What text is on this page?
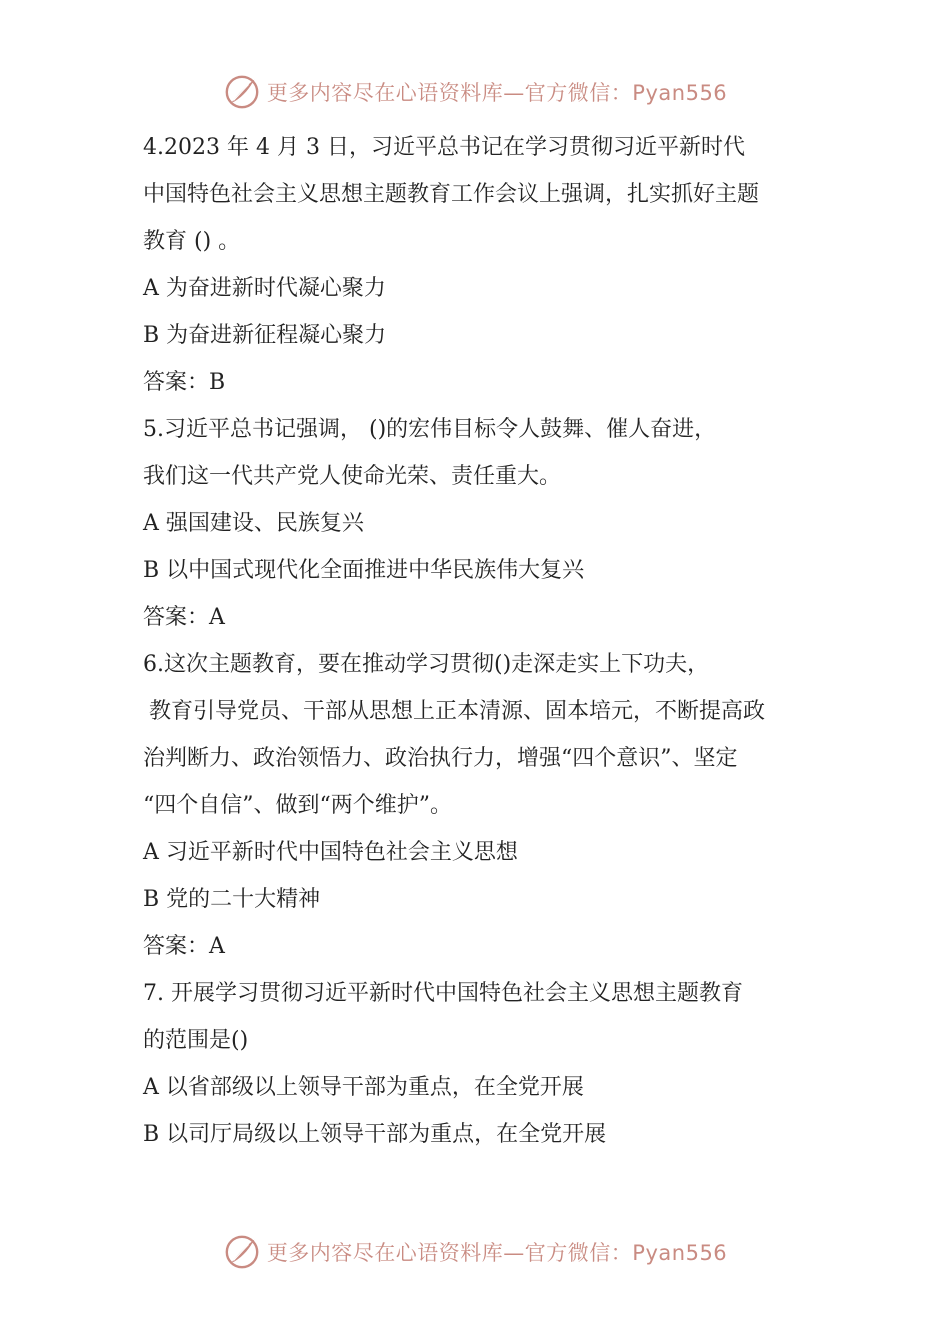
更多内容尽在心语资料库—官方微信：Pyan556
4.2023 年 4 月 3 日，习近平总书记在学习贯彻习近平新时代
中国特色社会主义思想主题教育工作会议上强调，扎实抓好主题
教育 () 。
A 为奋进新时代凝心聚力
B 为奋进新征程凝心聚力
答案：B
5.习近平总书记强调， ()的宏伟目标令人鼓舞、催人奋进，
我们这一代共产党人使命光荣、责任重大。
A 强国建设、民族复兴
B 以中国式现代化全面推进中华民族伟大复兴
答案：A
6.这次主题教育，要在推动学习贯彻()走深走实上下功夫，
教育引导党员、干部从思想上正本清源、固本培元，不断提高政
治判断力、政治领悟力、政治执行力，增强“四个意识”、坚定
“四个自信”、做到“两个维护”。
A 习近平新时代中国特色社会主义思想
B 党的二十大精神
答案：A
7. 开展学习贯彻习近平新时代中国特色社会主义思想主题教育
的范围是()
A 以省部级以上领导干部为重点，在全党开展
B 以司厅局级以上领导干部为重点，在全党开展
更多内容尽在心语资料库—官方微信：Pyan556
